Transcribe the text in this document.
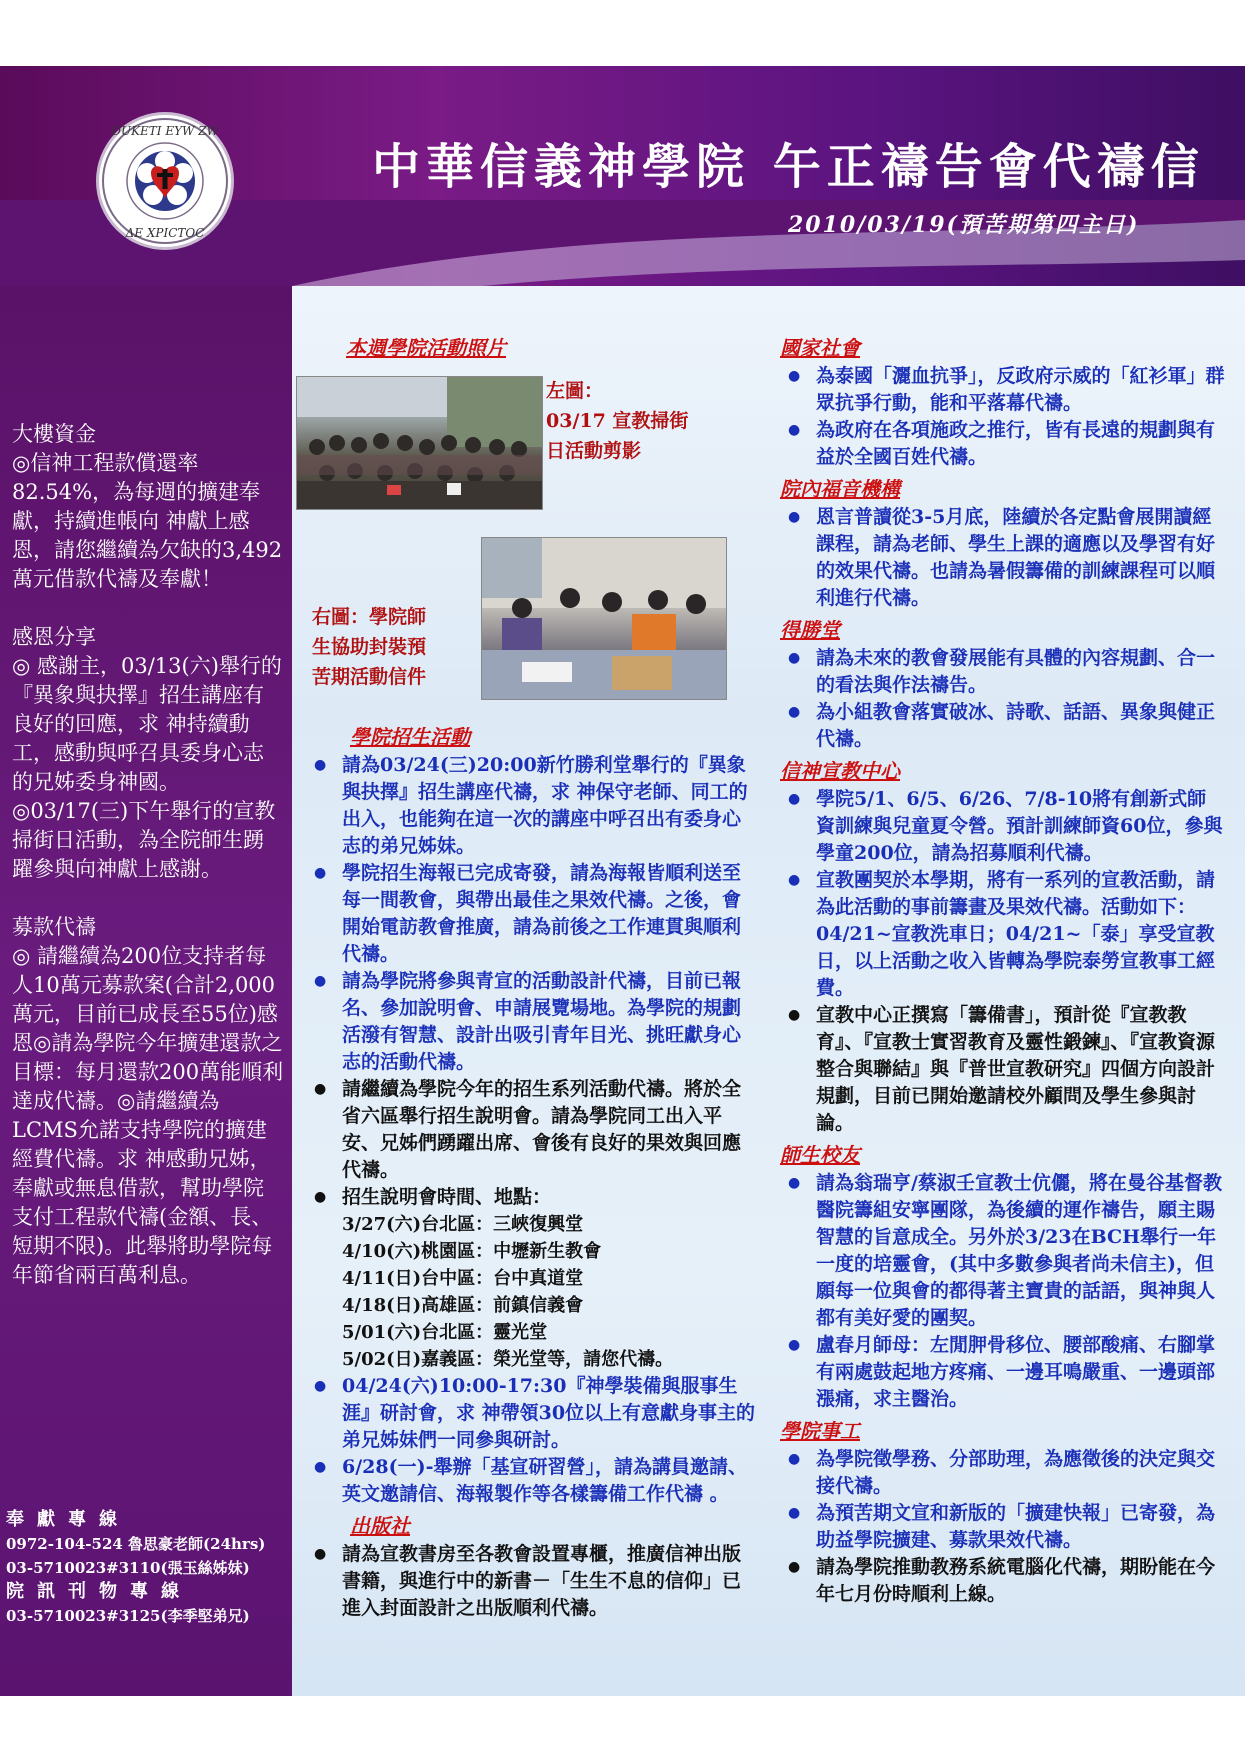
OUKETI EYW ZW
ΔE XPICTOC
中華信義神學院 午正禱告會代禱信
2010/03/19(預苦期第四主日)
大樓資金
◎信神工程款償還率82.54%，為每週的擴建奉獻，持續進帳向 神獻上感恩，請您繼續為欠缺的3,492萬元借款代禱及奉獻！
感恩分享
◎ 感謝主，03/13(六)舉行的『異象與抉擇』招生講座有良好的回應，求 神持續動工，感動與呼召具委身心志的兄姊委身神國。◎03/17(三)下午舉行的宣教掃街日活動，為全院師生踴躍參與向神獻上感謝。
募款代禱
◎ 請繼續為200位支持者每人10萬元募款案(合計2,000萬元，目前已成長至55位)感恩◎請為學院今年擴建還款之目標：每月還款200萬能順利達成代禱。◎請繼續為LCMS允諾支持學院的擴建經費代禱。求 神感動兄姊，奉獻或無息借款，幫助學院支付工程款代禱(金額、長、短期不限)。此舉將助學院每年節省兩百萬利息。
奉獻專線
0972-104-524 魯思豪老師(24hrs)
03-5710023#3110(張玉絲姊妹)
院訊刊物專線
03-5710023#3125(李季堅弟兄)
左圖：
03/17 宣教掃街
日活動剪影
右圖：學院師
生協助封裝預
苦期活動信件
本週學院活動照片
學院招生活動
● 請為03/24(三)20:00新竹勝利堂舉行的『異象與抉擇』招生講座代禱，求 神保守老師、同工的出入，也能夠在這一次的講座中呼召出有委身心志的弟兄姊妹。
● 學院招生海報已完成寄發，請為海報皆順利送至每一間教會，與帶出最佳之果效代禱。之後，會開始電訪教會推廣，請為前後之工作連貫與順利代禱。
● 請為學院將參與青宣的活動設計代禱，目前已報名、參加說明會、申請展覽場地。為學院的規劃活潑有智慧、設計出吸引青年目光、挑旺獻身心志的活動代禱。
● 請繼續為學院今年的招生系列活動代禱。將於全省六區舉行招生說明會。請為學院同工出入平安、兄姊們踴躍出席、會後有良好的果效與回應代禱。
● 招生說明會時間、地點：
3/27(六)台北區：三峽復興堂
4/10(六)桃園區：中壢新生教會
4/11(日)台中區：台中真道堂
4/18(日)高雄區：前鎮信義會
5/01(六)台北區：靈光堂
5/02(日)嘉義區：榮光堂等，請您代禱。
● 04/24(六)10:00-17:30『神學裝備與服事生涯』研討會，求 神帶領30位以上有意獻身事主的弟兄姊妹們一同參與研討。
● 6/28(一)-舉辦「基宣研習營」，請為講員邀請、英文邀請信、海報製作等各樣籌備工作代禱 。
出版社
● 請為宣教書房至各教會設置專櫃，推廣信神出版書籍，與進行中的新書－「生生不息的信仰」已進入封面設計之出版順利代禱。
國家社會
● 為泰國「灑血抗爭」，反政府示威的「紅衫軍」群眾抗爭行動，能和平落幕代禱。
● 為政府在各項施政之推行，皆有長遠的規劃與有益於全國百姓代禱。
院內福音機構
● 恩言普讀從3-5月底，陸續於各定點會展開讀經課程，請為老師、學生上課的適應以及學習有好的效果代禱。也請為暑假籌備的訓練課程可以順利進行代禱。
得勝堂
● 請為未來的教會發展能有具體的內容規劃、合一的看法與作法禱告。
● 為小組教會落實破冰、詩歌、話語、異象與健正代禱。
信神宣教中心
● 學院5/1、6/5、6/26、7/8-10將有創新式師資訓練與兒童夏令營。預計訓練師資60位，參與學童200位，請為招募順利代禱。
● 宣教團契於本學期，將有一系列的宣教活動，請為此活動的事前籌畫及果效代禱。活動如下：04/21~宣教洗車日；04/21~「泰」享受宣教日，以上活動之收入皆轉為學院泰勞宣教事工經費。
● 宣教中心正撰寫「籌備書」，預計從『宣教教育』、『宣教士實習教育及靈性鍛鍊』、『宣教資源整合與聯結』與『普世宣教研究』四個方向設計規劃，目前已開始邀請校外顧問及學生參與討論。
師生校友
● 請為翁瑞亨/蔡淑壬宣教士伉儷，將在曼谷基督教醫院籌組安寧團隊，為後續的運作禱告，願主賜智慧的旨意成全。另外於3/23在BCH舉行一年一度的培靈會，(其中多數參與者尚未信主)，但願每一位與會的都得著主寶貴的話語，與神與人都有美好愛的團契。
● 盧春月師母：左閒胛骨移位、腰部酸痛、右腳掌有兩處鼓起地方疼痛、一邊耳鳴嚴重、一邊頭部漲痛，求主醫治。
學院事工
● 為學院徵學務、分部助理，為應徵後的決定與交接代禱。
● 為預苦期文宣和新版的「擴建快報」已寄發，為助益學院擴建、募款果效代禱。
● 請為學院推動教務系統電腦化代禱，期盼能在今年七月份時順利上線。
